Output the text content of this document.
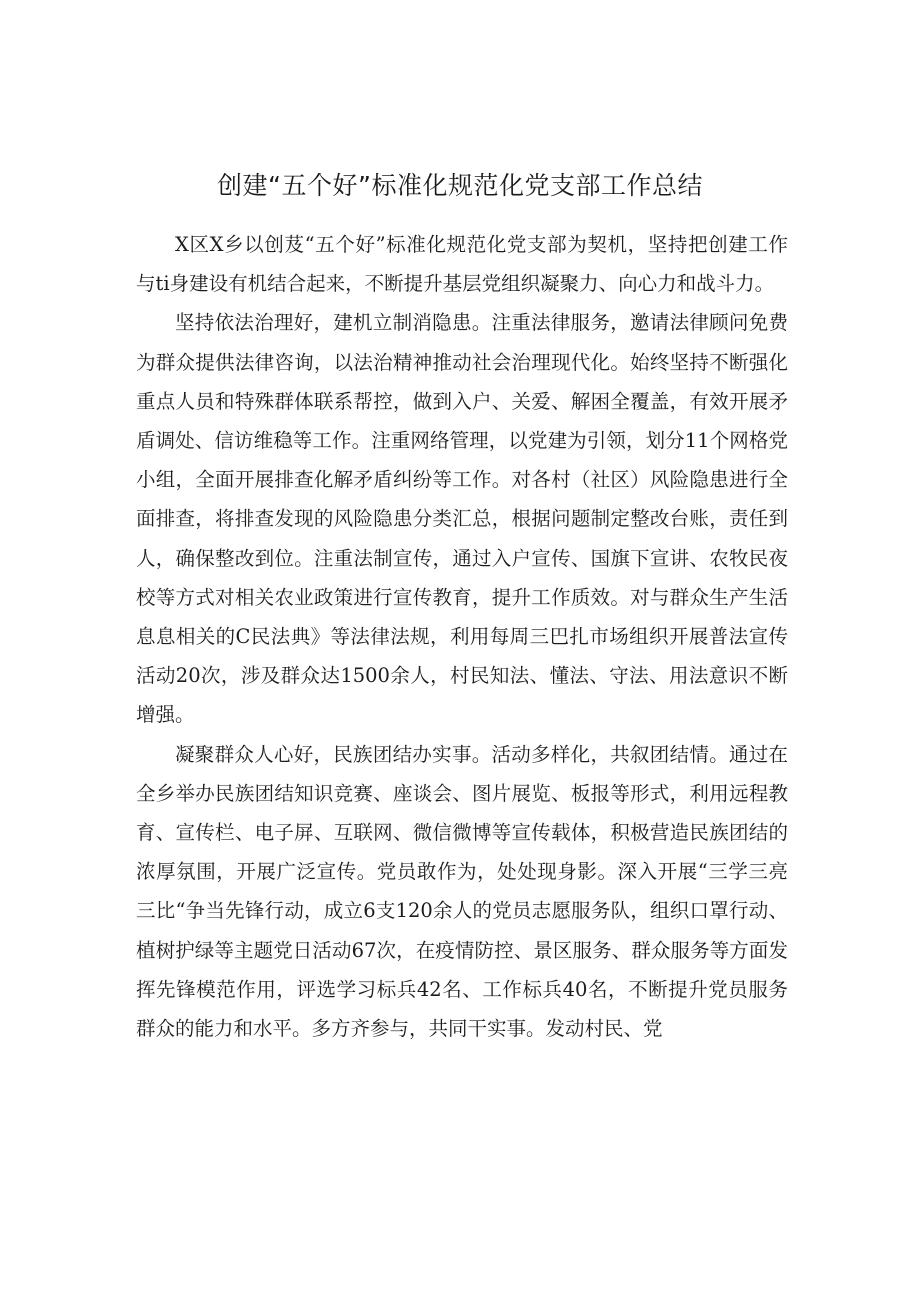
创建“五个好”标准化规范化党支部工作总结

X区X乡以创芨“五个好”标准化规范化党支部为契机，坚持把创建工作与ti身建设有机结合起来，不断提升基层党组织凝聚力、向心力和战斗力。

坚持依法治理好，建机立制消隐患。注重法律服务，邀请法律顾问免费为群众提供法律咨询，以法治精神推动社会治理现代化。始终坚持不断强化重点人员和特殊群体联系帮控，做到入户、关爱、解困全覆盖，有效开展矛盾调处、信访维稳等工作。注重网络管理，以党建为引领，划分11个网格党小组，全面开展排查化解矛盾纠纷等工作。对各村（社区）风险隐患进行全面排查，将排查发现的风险隐患分类汇总，根据问题制定整改台账，责任到人，确保整改到位。注重法制宣传，通过入户宣传、国旗下宣讲、农牧民夜校等方式对相关农业政策进行宣传教育，提升工作质效。对与群众生产生活息息相关的C民法典》等法律法规，利用每周三巴扎市场组织开展普法宣传活动20次，涉及群众达1500余人，村民知法、懂法、守法、用法意识不断增强。

凝聚群众人心好，民族团结办实事。活动多样化，共叙团结情。通过在全乡举办民族团结知识竞赛、座谈会、图片展览、板报等形式，利用远程教育、宣传栏、电子屏、互联网、微信微博等宣传载体，积极营造民族团结的浓厚氛围，开展广泛宣传。党员敢作为，处处现身影。深入开展“三学三亮三比“争当先锋行动，成立6支120余人的党员志愿服务队，组织口罩行动、植树护绿等主题党日活动67次，在疫情防控、景区服务、群众服务等方面发挥先锋模范作用，评选学习标兵42名、工作标兵40名，不断提升党员服务群众的能力和水平。多方齐参与，共同干实事。发动村民、党
